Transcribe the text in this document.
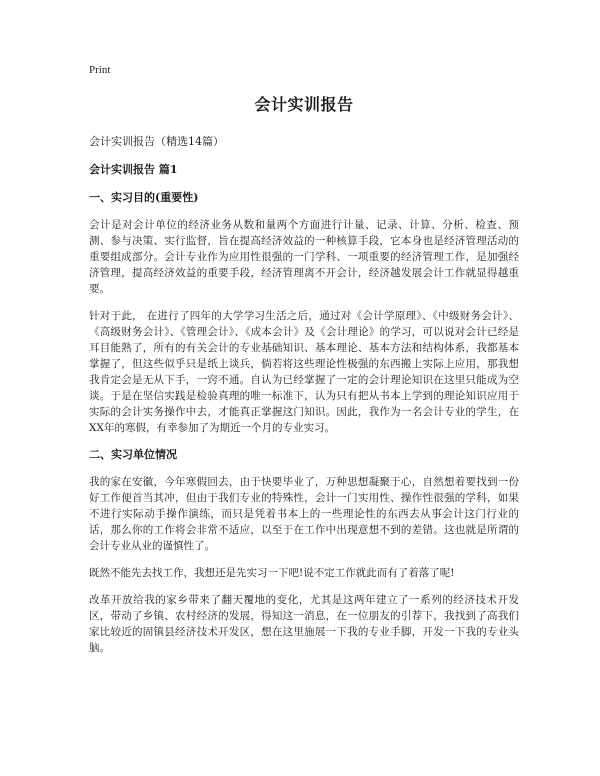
Print
会计实训报告

会计实训报告（精选14篇）

会计实训报告 篇1

一、实习目的(重要性)

会计是对会计单位的经济业务从数和量两个方面进行计量、记录、计算、分析、检查、预测、参与决策、实行监督，旨在提高经济效益的一种核算手段，它本身也是经济管理活动的重要组成部分。会计专业作为应用性很强的一门学科、一项重要的经济管理工作，是加强经济管理，提高经济效益的重要手段，经济管理离不开会计，经济越发展会计工作就显得越重要。

针对于此， 在进行了四年的大学学习生活之后，通过对《会计学原理》、《中级财务会计》、《高级财务会计》、《管理会计》、《成本会计》及《会计理论》的学习，可以说对会计已经是耳目能熟了，所有的有关会计的专业基础知识、基本理论、基本方法和结构体系，我都基本掌握了，但这些似乎只是纸上谈兵，倘若将这些理论性极强的东西搬上实际上应用，那我想我肯定会是无从下手，一窍不通。自认为已经掌握了一定的会计理论知识在这里只能成为空谈。于是在坚信实践是检验真理的唯一标准下，认为只有把从书本上学到的理论知识应用于实际的会计实务操作中去，才能真正掌握这门知识。因此，我作为一名会计专业的学生，在XX年的寒假，有幸参加了为期近一个月的专业实习。

二、实习单位情况

我的家在安徽，今年寒假回去，由于快要毕业了，万种思想凝聚于心，自然想着要找到一份好工作便首当其冲，但由于我们专业的特殊性，会计一门实用性、操作性很强的学科，如果不进行实际动手操作演练，而只是凭着书本上的一些理论性的东西去从事会计这门行业的话，那么你的工作将会非常不适应，以至于在工作中出现意想不到的差错。这也就是所谓的会计专业从业的谨慎性了。

既然不能先去找工作，我想还是先实习一下吧!说不定工作就此而有了着落了呢!

改革开放给我的家乡带来了翻天覆地的变化，尤其是这两年建立了一系列的经济技术开发区，带动了乡镇、农村经济的发展，得知这一消息，在一位朋友的引荐下，我找到了高我们家比较近的固镇县经济技术开发区，想在这里施展一下我的专业手脚，开发一下我的专业头脑。
